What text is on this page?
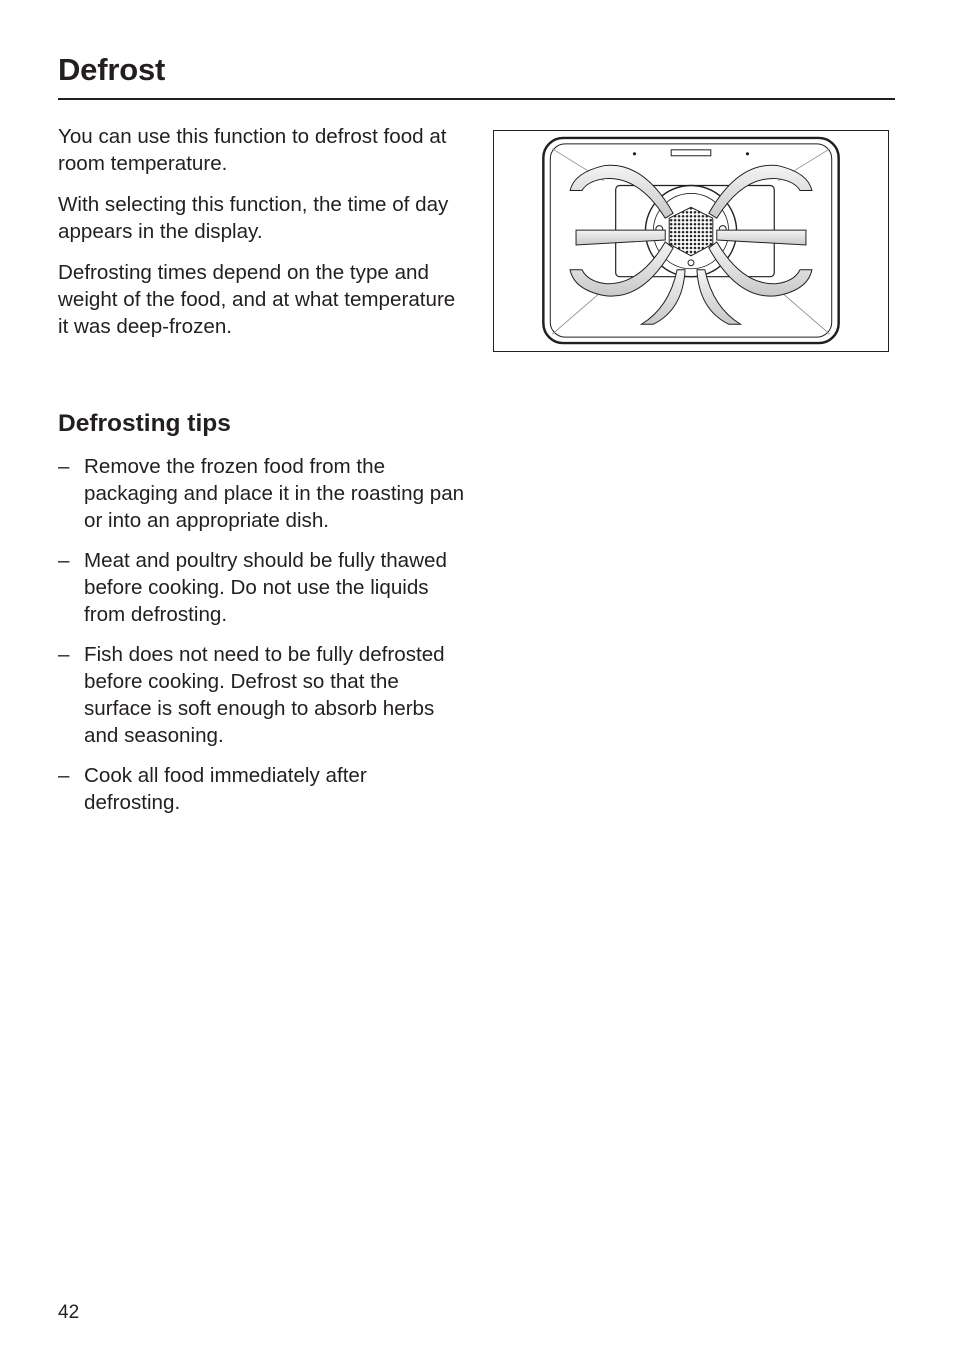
Defrost

You can use this function to defrost food at room temperature.

With selecting this function, the time of day appears in the display.

Defrosting times depend on the type and weight of the food, and at what temperature it was deep-frozen.

Defrosting tips
– Remove the frozen food from the packaging and place it in the roasting pan or into an appropriate dish.
– Meat and poultry should be fully thawed before cooking. Do not use the liquids from defrosting.
– Fish does not need to be fully defrosted before cooking. Defrost so that the surface is soft enough to absorb herbs and seasoning.
– Cook all food immediately after defrosting.
42
